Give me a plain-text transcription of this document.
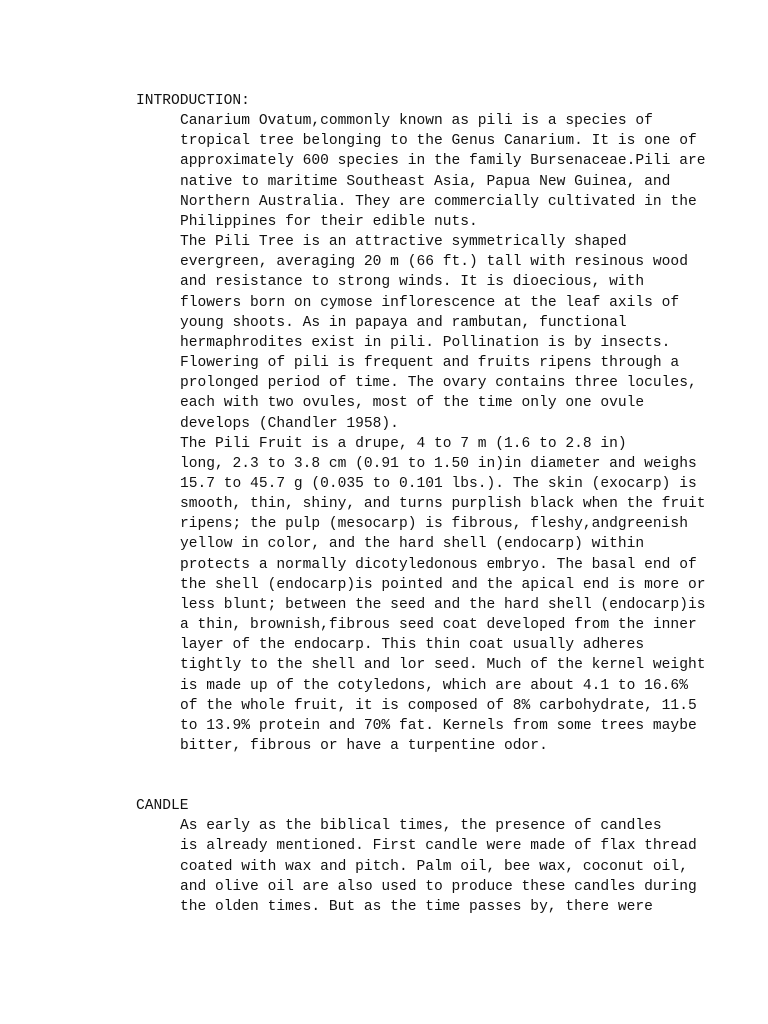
INTRODUCTION:

Canarium Ovatum,commonly known as pili is a species of
tropical tree belonging to the Genus Canarium. It is one of
approximately 600 species in the family Bursenaceae.Pili are
native to maritime Southeast Asia, Papua New Guinea, and
Northern Australia. They are commercially cultivated in the
Philippines for their edible nuts.

The Pili Tree is an attractive symmetrically shaped
evergreen, averaging 20 m (66 ft.) tall with resinous wood
and resistance to strong winds. It is dioecious, with
flowers born on cymose inflorescence at the leaf axils of
young shoots. As in papaya and rambutan, functional
hermaphrodites exist in pili. Pollination is by insects.
Flowering of pili is frequent and fruits ripens through a
prolonged period of time. The ovary contains three locules,
each with two ovules, most of the time only one ovule
develops (Chandler 1958).

The Pili Fruit is a drupe, 4 to 7 m (1.6 to 2.8 in)
long, 2.3 to 3.8 cm (0.91 to 1.50 in)in diameter and weighs
15.7 to 45.7 g (0.035 to 0.101 lbs.). The skin (exocarp) is
smooth, thin, shiny, and turns purplish black when the fruit
ripens; the pulp (mesocarp) is fibrous, fleshy,andgreenish
yellow in color, and the hard shell (endocarp) within
protects a normally dicotyledonous embryo. The basal end of
the shell (endocarp)is pointed and the apical end is more or
less blunt; between the seed and the hard shell (endocarp)is
a thin, brownish,fibrous seed coat developed from the inner
layer of the endocarp. This thin coat usually adheres
tightly to the shell and lor seed. Much of the kernel weight
is made up of the cotyledons, which are about 4.1 to 16.6%
of the whole fruit, it is composed of 8% carbohydrate, 11.5
to 13.9% protein and 70% fat. Kernels from some trees maybe
bitter, fibrous or have a turpentine odor.

CANDLE

As early as the biblical times, the presence of candles
is already mentioned. First candle were made of flax thread
coated with wax and pitch. Palm oil, bee wax, coconut oil,
and olive oil are also used to produce these candles during
the olden times. But as the time passes by, there were
